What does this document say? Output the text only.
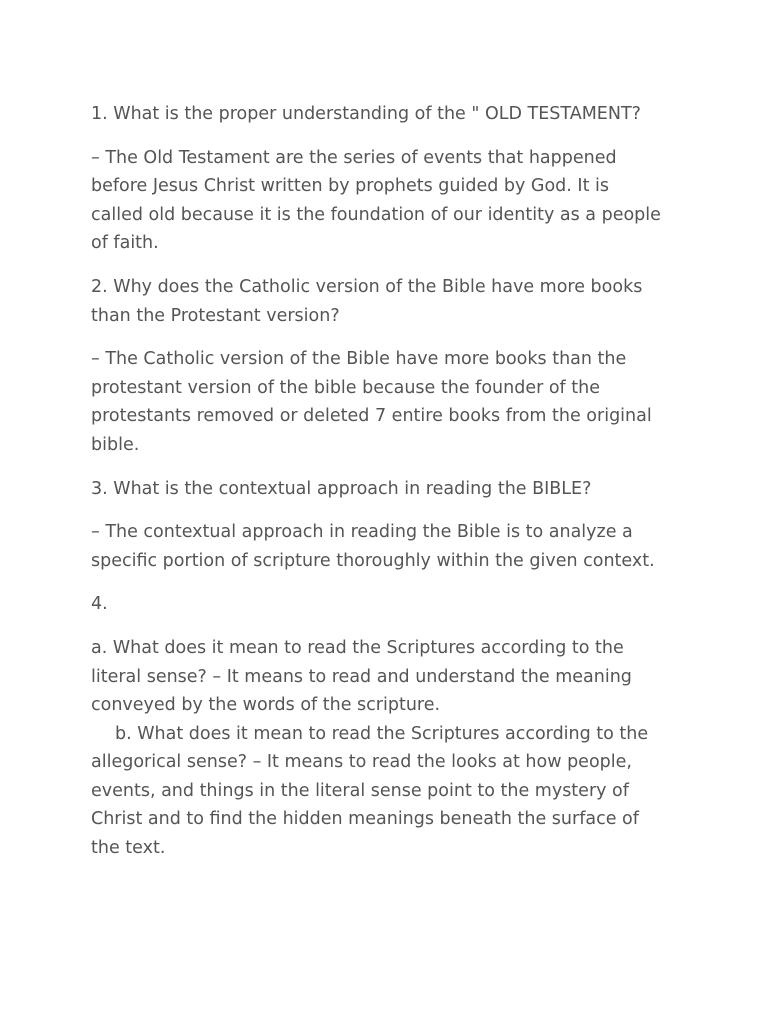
1. What is the proper understanding of the " OLD TESTAMENT?

– The Old Testament are the series of events that happened
before Jesus Christ written by prophets guided by God. It is
called old because it is the foundation of our identity as a people
of faith.

2. Why does the Catholic version of the Bible have more books
than the Protestant version?

– The Catholic version of the Bible have more books than the
protestant version of the bible because the founder of the
protestants removed or deleted 7 entire books from the original
bible.

3. What is the contextual approach in reading the BIBLE?

– The contextual approach in reading the Bible is to analyze a
specific portion of scripture thoroughly within the given context.

4.

a. What does it mean to read the Scriptures according to the
literal sense? – It means to read and understand the meaning
conveyed by the words of the scripture.

b. What does it mean to read the Scriptures according to the
allegorical sense? – It means to read the looks at how people,
events, and things in the literal sense point to the mystery of
Christ and to find the hidden meanings beneath the surface of
the text.
